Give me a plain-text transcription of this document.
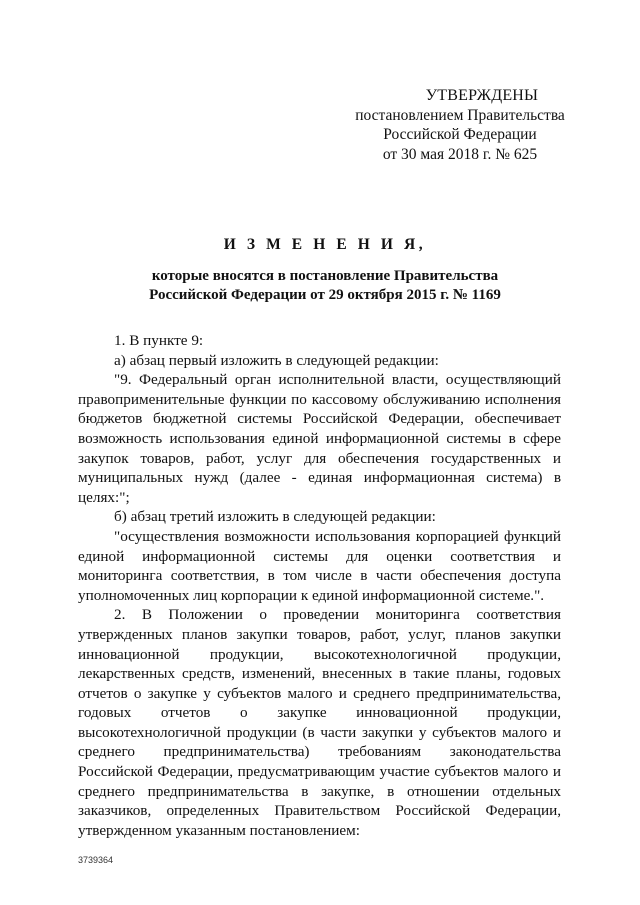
УТВЕРЖДЕНЫ
постановлением Правительства
Российской Федерации
от 30 мая 2018 г. № 625
И З М Е Н Е Н И Я,
которые вносятся в постановление Правительства
Российской Федерации от 29 октября 2015 г. № 1169

1. В пункте 9:

а) абзац первый изложить в следующей редакции:

"9. Федеральный орган исполнительной власти, осуществляющий правоприменительные функции по кассовому обслуживанию исполнения бюджетов бюджетной системы Российской Федерации, обеспечивает возможность использования единой информационной системы в сфере закупок товаров, работ, услуг для обеспечения государственных и муниципальных нужд (далее - единая информационная система) в целях:";

б) абзац третий изложить в следующей редакции:

"осуществления возможности использования корпорацией функций единой информационной системы для оценки соответствия и мониторинга соответствия, в том числе в части обеспечения доступа уполномоченных лиц корпорации к единой информационной системе.".

2. В Положении о проведении мониторинга соответствия утвержденных планов закупки товаров, работ, услуг, планов закупки инновационной продукции, высокотехнологичной продукции, лекарственных средств, изменений, внесенных в такие планы, годовых отчетов о закупке у субъектов малого и среднего предпринимательства, годовых отчетов о закупке инновационной продукции, высокотехнологичной продукции (в части закупки у субъектов малого и среднего предпринимательства) требованиям законодательства Российской Федерации, предусматривающим участие субъектов малого и среднего предпринимательства в закупке, в отношении отдельных заказчиков, определенных Правительством Российской Федерации, утвержденном указанным постановлением:

3739364
